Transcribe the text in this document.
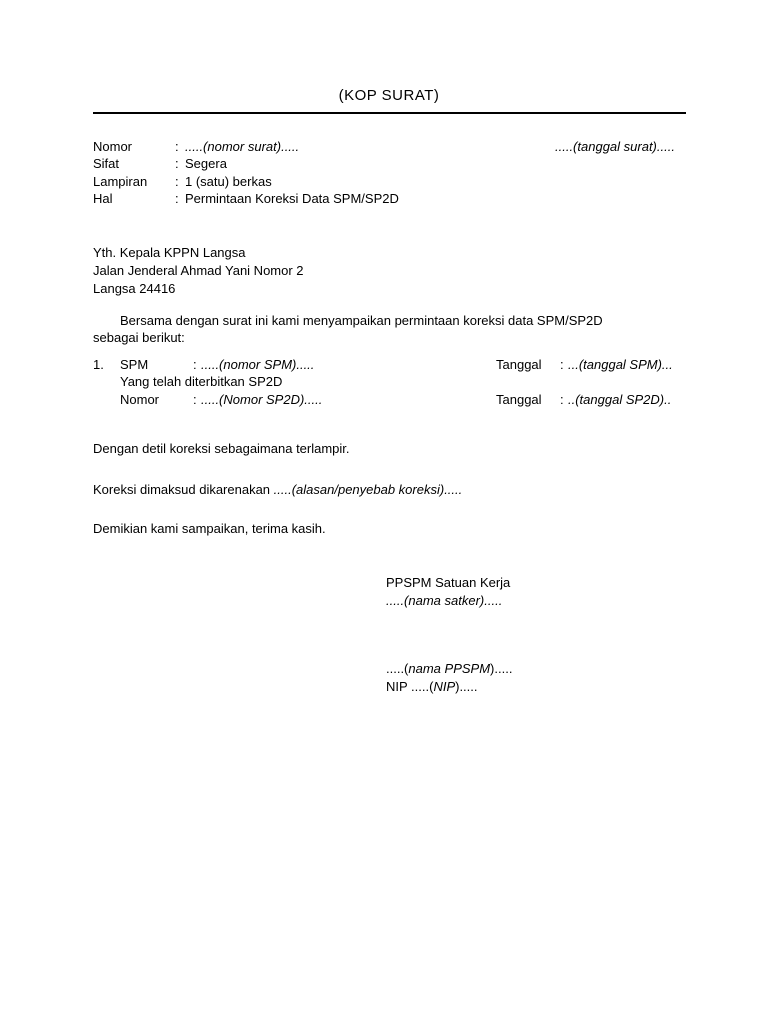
(KOP SURAT)
Nomor	: .....(nomor surat).....	.....(tanggal surat).....
Sifat	: Segera
Lampiran : 1 (satu) berkas
Hal	: Permintaan Koreksi Data SPM/SP2D
Yth. Kepala KPPN Langsa
Jalan Jenderal Ahmad Yani Nomor 2
Langsa 24416
Bersama dengan surat ini kami menyampaikan permintaan koreksi data SPM/SP2D
sebagai berikut:
1. SPM	: .....(nomor SPM).....	Tanggal : ...(tanggal SPM)...
Yang telah diterbitkan SP2D
Nomor	: .....(Nomor SP2D).....	Tanggal : ..(tanggal SP2D)..
Dengan detil koreksi sebagaimana terlampir.
Koreksi dimaksud dikarenakan .....(alasan/penyebab koreksi).....
Demikian kami sampaikan, terima kasih.
PPSPM Satuan Kerja
.....(nama satker).....
.....(nama PPSPM).....
NIP .....(NIP).....
